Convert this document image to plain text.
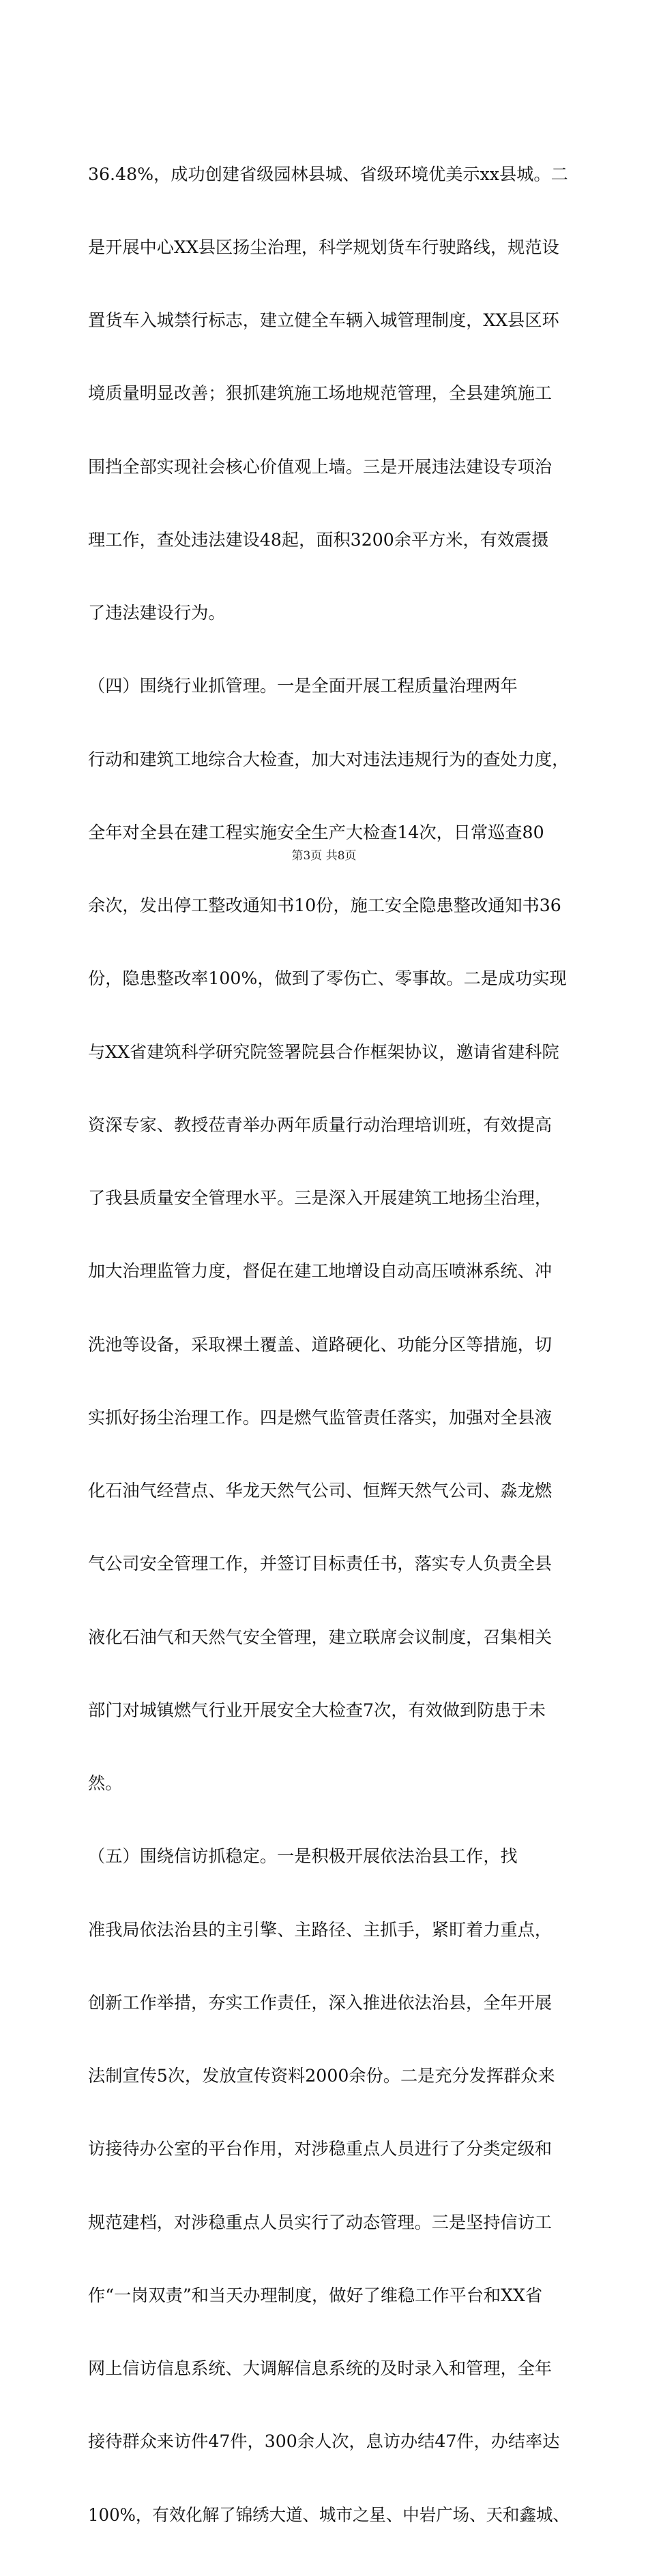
36.48%，成功创建省级园林县城、省级环境优美示xx县城。二

是开展中心XX县区扬尘治理，科学规划货车行驶路线，规范设

置货车入城禁行标志，建立健全车辆入城管理制度，XX县区环

境质量明显改善；狠抓建筑施工场地规范管理，全县建筑施工

围挡全部实现社会核心价值观上墙。三是开展违法建设专项治

理工作，查处违法建设48起，面积3200余平方米，有效震摄

了违法建设行为。

（四）围绕行业抓管理。一是全面开展工程质量治理两年

行动和建筑工地综合大检查，加大对违法违规行为的查处力度，

全年对全县在建工程实施安全生产大检查14次，日常巡查80

余次，发出停工整改通知书10份，施工安全隐患整改通知书36

份，隐患整改率100%，做到了零伤亡、零事故。二是成功实现

与XX省建筑科学研究院签署院县合作框架协议，邀请省建科院

资深专家、教授莅青举办两年质量行动治理培训班，有效提高

了我县质量安全管理水平。三是深入开展建筑工地扬尘治理，

加大治理监管力度，督促在建工地增设自动高压喷淋系统、冲

洗池等设备，采取裸土覆盖、道路硬化、功能分区等措施，切

实抓好扬尘治理工作。四是燃气监管责任落实，加强对全县液

化石油气经营点、华龙天然气公司、恒辉天然气公司、淼龙燃

气公司安全管理工作，并签订目标责任书，落实专人负责全县

液化石油气和天然气安全管理，建立联席会议制度，召集相关

部门对城镇燃气行业开展安全大检查7次，有效做到防患于未

然。

（五）围绕信访抓稳定。一是积极开展依法治县工作，找

准我局依法治县的主引擎、主路径、主抓手，紧盯着力重点，

创新工作举措，夯实工作责任，深入推进依法治县，全年开展

法制宣传5次，发放宣传资料2000余份。二是充分发挥群众来

访接待办公室的平台作用，对涉稳重点人员进行了分类定级和

规范建档，对涉稳重点人员实行了动态管理。三是坚持信访工

作“一岗双责”和当天办理制度，做好了维稳工作平台和XX省

网上信访信息系统、大调解信息系统的及时录入和管理，全年

接待群众来访件47件，300余人次，息访办结47件，办结率达

100%，有效化解了锦绣大道、城市之星、中岩广场、天和鑫城、

第3页 共8页
